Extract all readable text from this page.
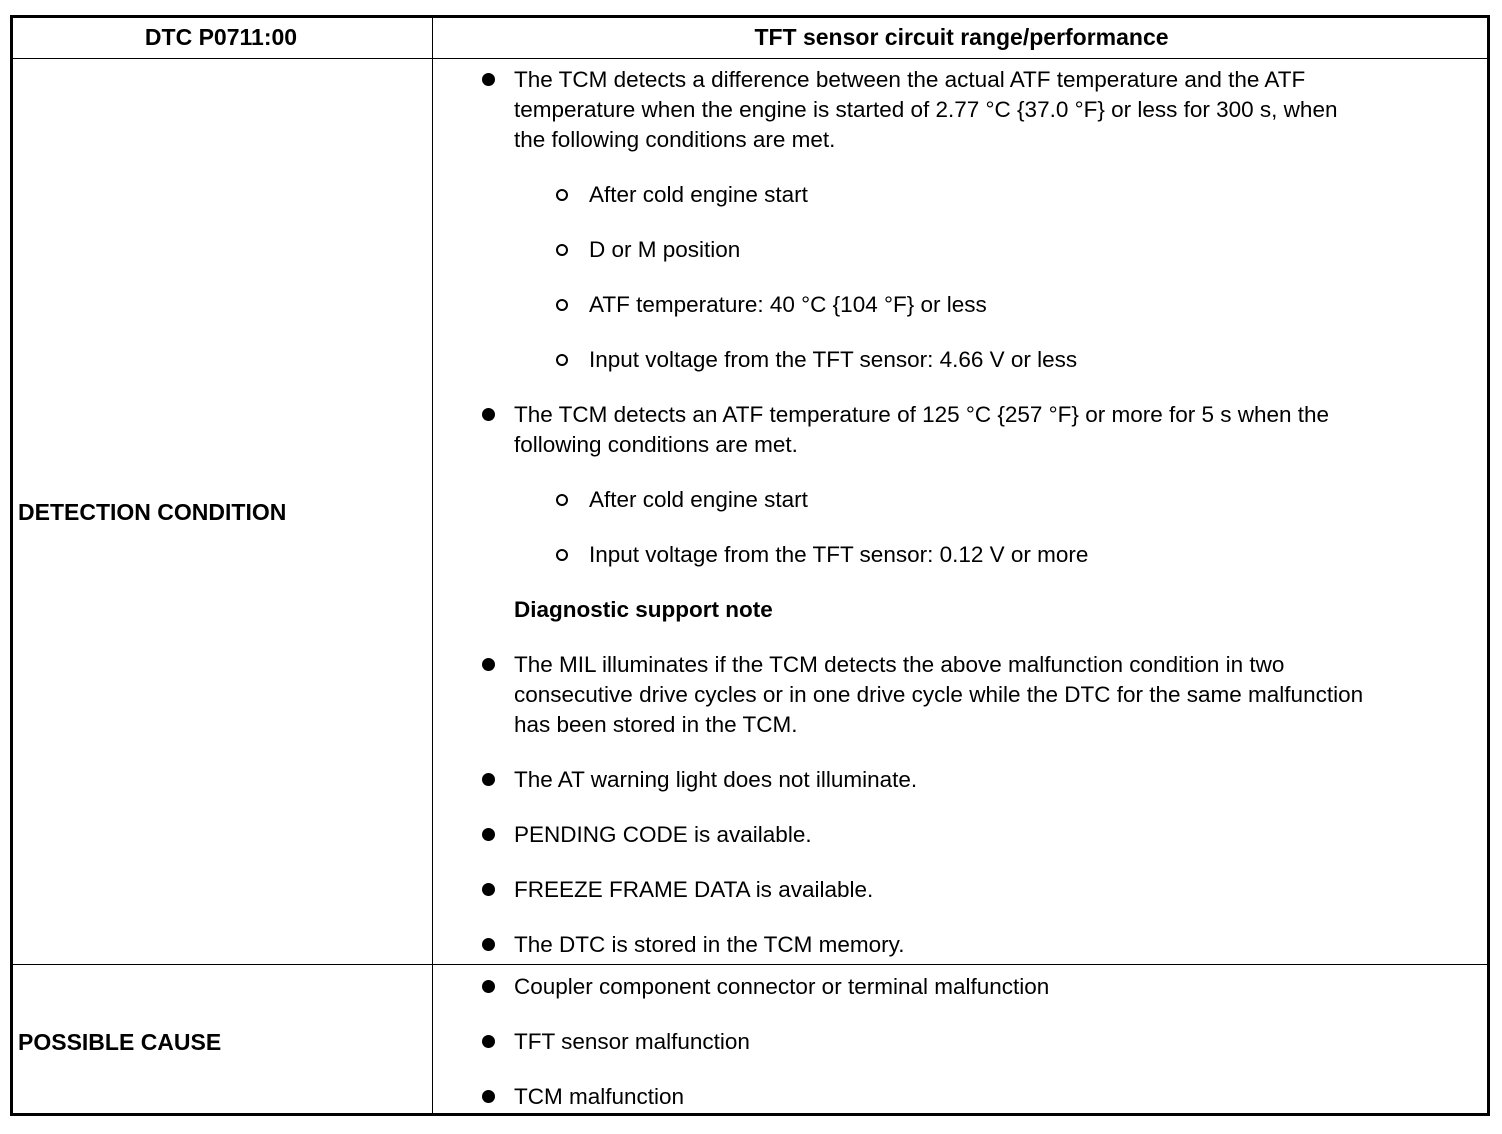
DTC P0711:00	TFT sensor circuit range/performance
DETECTION CONDITION
POSSIBLE CAUSE
The TCM detects a difference between the actual ATF temperature and the ATF
temperature when the engine is started of 2.77 °C {37.0 °F} or less for 300 s, when
the following conditions are met.
After cold engine start
D or M position
ATF temperature: 40 °C {104 °F} or less
Input voltage from the TFT sensor: 4.66 V or less
The TCM detects an ATF temperature of 125 °C {257 °F} or more for 5 s when the
following conditions are met.
After cold engine start
Input voltage from the TFT sensor: 0.12 V or more
Diagnostic support note
The MIL illuminates if the TCM detects the above malfunction condition in two
consecutive drive cycles or in one drive cycle while the DTC for the same malfunction
has been stored in the TCM.
The AT warning light does not illuminate.
PENDING CODE is available.
FREEZE FRAME DATA is available.
The DTC is stored in the TCM memory.
Coupler component connector or terminal malfunction
TFT sensor malfunction
TCM malfunction
